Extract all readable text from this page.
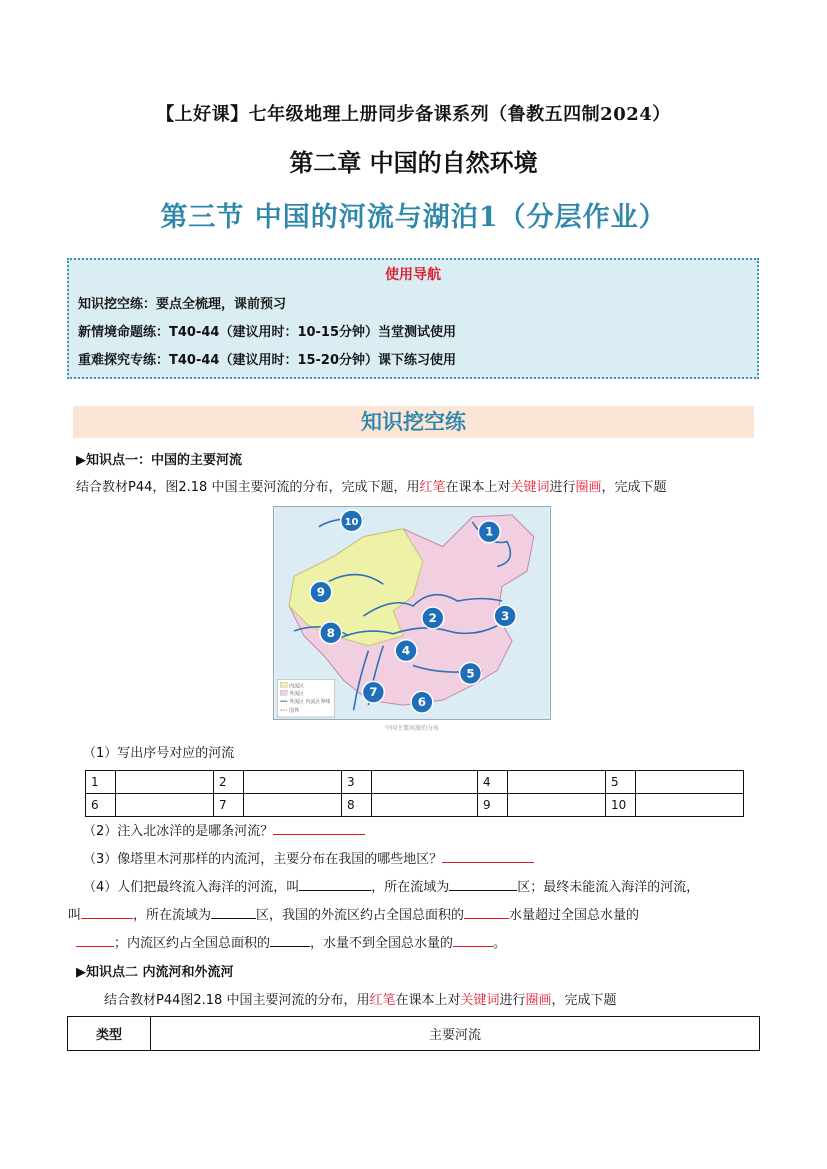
【上好课】七年级地理上册同步备课系列（鲁教五四制2024）
第二章 中国的自然环境
第三节 中国的河流与湖泊1（分层作业）
使用导航
知识挖空练：要点全梳理，课前预习
新情境命题练：T40-44（建议用时：10-15分钟）当堂测试使用
重难探究专练：T40-44（建议用时：15-20分钟）课下练习使用
知识挖空练
▶知识点一：中国的主要河流
结合教材P44，图2.18 中国主要河流的分布，完成下题，用红笔在课本上对关键词进行圈画，完成下题
内流区
外流区
外流区 内流区界线
国界
1
2	3
4
5
6
7
8
9
10
中国主要河流的分布
（1）写出序号对应的河流
1		2		3		4		5	
6		7		8		9		10	
（2）注入北冰洋的是哪条河流？
（3）像塔里木河那样的内流河，主要分布在我国的哪些地区？
（4）人们把最终流入海洋的河流，叫	，所在流域为	区；最终未能流入海洋的河流，
叫	，所在流域为	区，我国的外流区约占全国总面积的	水量超过全国总水量的
；内流区约占全国总面积的	，水量不到全国总水量的	。
▶知识点二 内流河和外流河
结合教材P44图2.18 中国主要河流的分布，用红笔在课本上对关键词进行圈画，完成下题
类型	主要河流
